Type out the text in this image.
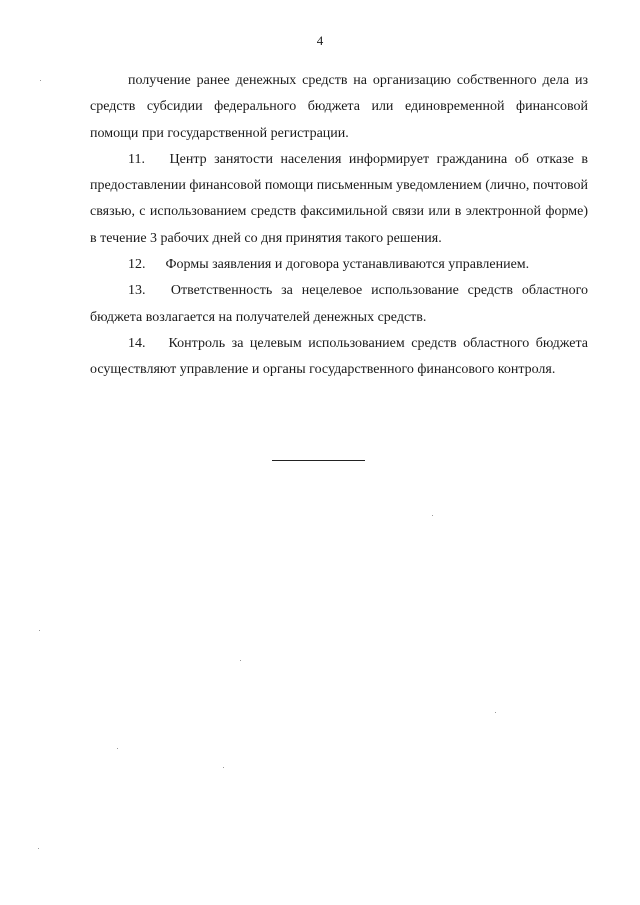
4

получение ранее денежных средств на организацию собственного дела из средств субсидии федерального бюджета или единовременной финансовой помощи при государственной регистрации.

11. Центр занятости населения информирует гражданина об отказе в предоставлении финансовой помощи письменным уведомлением (лично, почтовой связью, с использованием средств факсимильной связи или в электронной форме) в течение 3 рабочих дней со дня принятия такого решения.

12. Формы заявления и договора устанавливаются управлением.

13. Ответственность за нецелевое использование средств областного бюджета возлагается на получателей денежных средств.

14. Контроль за целевым использованием средств областного бюджета осуществляют управление и органы государственного финансового контроля.
